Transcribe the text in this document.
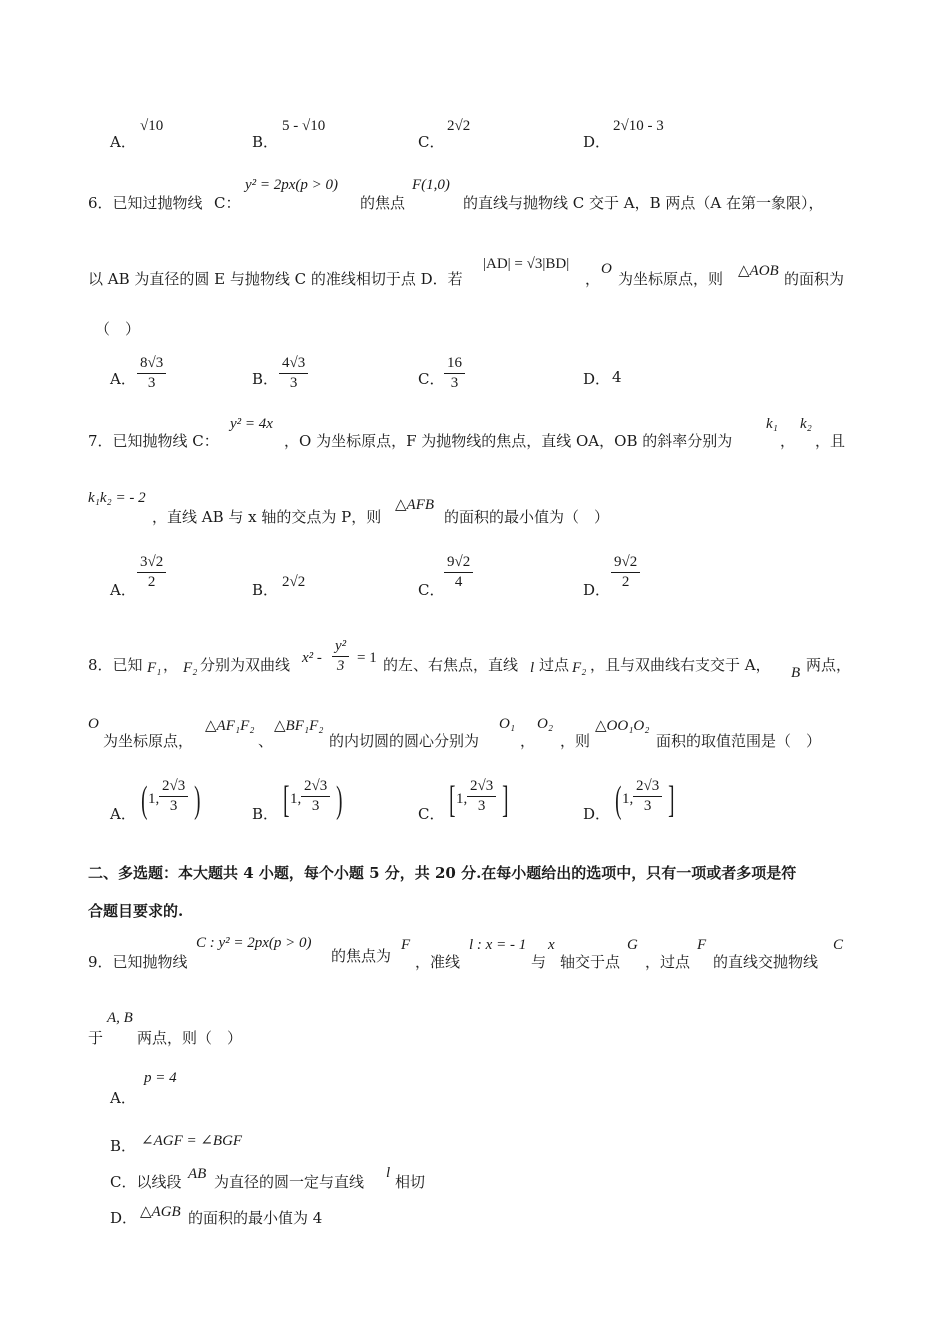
A．
√10
B．
5 - √10
C．
2√2
D．
2√10 - 3
6．已知过抛物线 C：
y² = 2px(p > 0)
的焦点
F(1,0)
的直线与抛物线 C 交于 A，B 两点（A 在第一象限），
以 AB 为直径的圆 E 与抛物线 C 的准线相切于点 D．若
|AD| = √3|BD|
，
O
为坐标原点，则 △AOB 的面积为
（　）
A． $\frac{8√3}{3}$	B． $\frac{4√3}{3}$	C． $\frac{16}{3}$	D． 4
7．已知抛物线 C：
y² = 4x
，O 为坐标原点，F 为抛物线的焦点，直线 OA，OB 的斜率分别为
k₁
，
k₂
，且
k₁k₂ = - 2
，直线 AB 与 x 轴的交点为 P，则
△AFB
的面积的最小值为（　）
A． $\frac{3√2}{2}$	B． 2√2	C． $\frac{9√2}{4}$	D． $\frac{9√2}{2}$
8．已知 F₁ ， F₂ 分别为双曲线 $x^2 - \frac{\text{y²}}{3} = 1$ 的左、右焦点，直线 l 过点 F₂ ，且与双曲线右支交于 A， B 两点，
O
为坐标原点，
△AF₁F₂
、
△BF₁F₂
的内切圆的圆心分别为
O₁
，
O₂
，则
△OO₁O₂
面积的取值范围是（　）
A． ( 1, $\frac{2√3}{3}$ )	B． [ 1, $\frac{2√3}{3}$ )	C． [ 1, $\frac{2√3}{3}$ ]	D． ( 1, $\frac{2√3}{3}$ ]
二、多选题：本大题共 4 小题，每个小题 5 分，共 20 分.在每小题给出的选项中，只有一项或者多项是符
合题目要求的.
9．已知抛物线
C : y² = 2px(p > 0)
的焦点为
F
，准线
l : x = - 1
与
x
轴交于点
G
，过点
F
的直线交抛物线
C
于
A, B
两点，则（　）
A．
p = 4
B． ∠AGF = ∠BGF
C．以线段 AB 为直径的圆一定与直线 l 相切
D． △AGB 的面积的最小值为 4
